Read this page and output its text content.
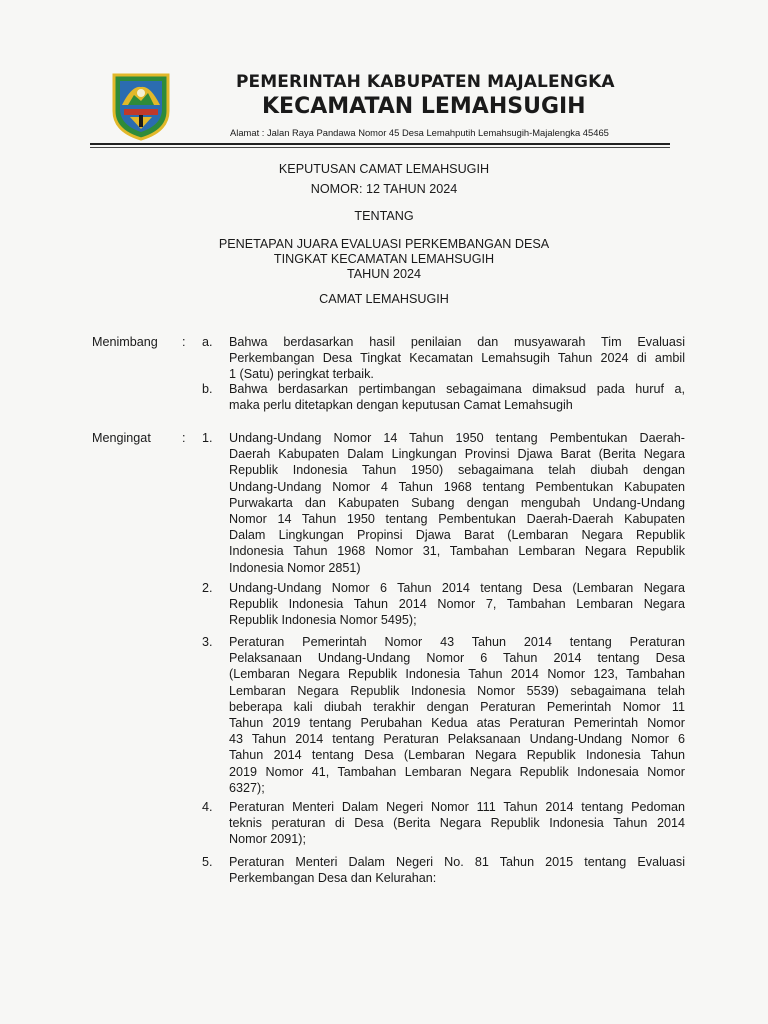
PEMERINTAH KABUPATEN MAJALENGKA
KECAMATAN LEMAHSUGIH
Alamat : Jalan Raya Pandawa Nomor 45 Desa Lemahputih Lemahsugih-Majalengka 45465
KEPUTUSAN CAMAT LEMAHSUGIH
NOMOR: 12 TAHUN 2024
TENTANG
PENETAPAN JUARA EVALUASI PERKEMBANGAN DESA
TINGKAT KECAMATAN LEMAHSUGIH
TAHUN 2024
CAMAT LEMAHSUGIH
Menimbang : a. Bahwa berdasarkan hasil penilaian dan musyawarah Tim Evaluasi
Perkembangan Desa Tingkat Kecamatan Lemahsugih Tahun 2024 di ambil
1 (Satu) peringkat terbaik.
b. Bahwa berdasarkan pertimbangan sebagaimana dimaksud pada huruf a,
maka perlu ditetapkan dengan keputusan Camat Lemahsugih
Mengingat : 1. Undang-Undang Nomor 14 Tahun 1950 tentang Pembentukan Daerah-
Daerah Kabupaten Dalam Lingkungan Provinsi Djawa Barat (Berita Negara
Republik Indonesia Tahun 1950) sebagaimana telah diubah dengan
Undang-Undang Nomor 4 Tahun 1968 tentang Pembentukan Kabupaten
Purwakarta dan Kabupaten Subang dengan mengubah Undang-Undang
Nomor 14 Tahun 1950 tentang Pembentukan Daerah-Daerah Kabupaten
Dalam Lingkungan Propinsi Djawa Barat (Lembaran Negara Republik
Indonesia Tahun 1968 Nomor 31, Tambahan Lembaran Negara Republik
Indonesia Nomor 2851)
2. Undang-Undang Nomor 6 Tahun 2014 tentang Desa (Lembaran Negara
Republik Indonesia Tahun 2014 Nomor 7, Tambahan Lembaran Negara
Republik Indonesia Nomor 5495);
3. Peraturan Pemerintah Nomor 43 Tahun 2014 tentang Peraturan
Pelaksanaan Undang-Undang Nomor 6 Tahun 2014 tentang Desa
(Lembaran Negara Republik Indonesia Tahun 2014 Nomor 123, Tambahan
Lembaran Negara Republik Indonesia Nomor 5539) sebagaimana telah
beberapa kali diubah terakhir dengan Peraturan Pemerintah Nomor 11
Tahun 2019 tentang Perubahan Kedua atas Peraturan Pemerintah Nomor
43 Tahun 2014 tentang Peraturan Pelaksanaan Undang-Undang Nomor 6
Tahun 2014 tentang Desa (Lembaran Negara Republik Indonesia Tahun
2019 Nomor 41, Tambahan Lembaran Negara Republik Indonesaia Nomor
6327);
4. Peraturan Menteri Dalam Negeri Nomor 111 Tahun 2014 tentang Pedoman
teknis peraturan di Desa (Berita Negara Republik Indonesia Tahun 2014
Nomor 2091);
5. Peraturan Menteri Dalam Negeri No. 81 Tahun 2015 tentang Evaluasi
Perkembangan Desa dan Kelurahan:
